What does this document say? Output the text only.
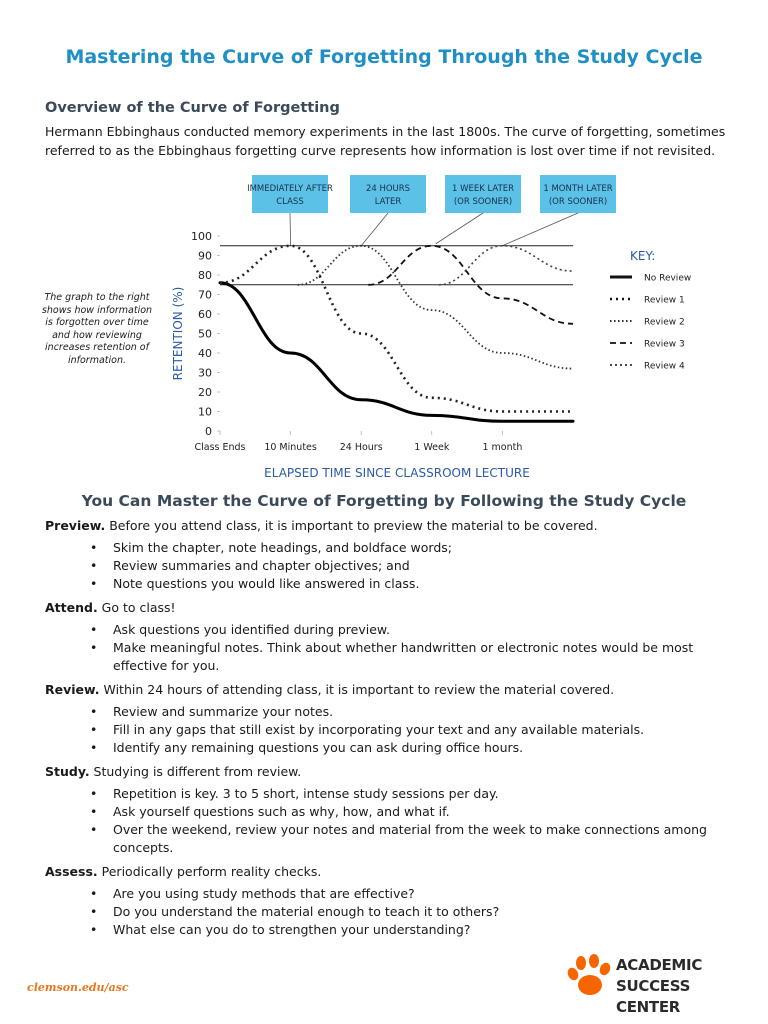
Mastering the Curve of Forgetting Through the Study Cycle
Overview of the Curve of Forgetting
Hermann Ebbinghaus conducted memory experiments in the last 1800s. The curve of forgetting, sometimes referred to as the Ebbinghaus forgetting curve represents how information is lost over time if not revisited.
The graph to the right shows how information is forgotten over time and how reviewing increases retention of information.
IMMEDIATELY AFTER
CLASS
24 HOURS
LATER
1 WEEK LATER
(OR SOONER)
1 MONTH LATER
(OR SOONER)
0
10
20
30
40
50
60
70
80
90
100
Class Ends 10 Minutes 24 Hours	1 Week	1 month
ELAPSED TIME SINCE CLASSROOM LECTURE
RETENTION (%)
KEY:
No Review
Review 1
Review 2
Review 3
Review 4
You Can Master the Curve of Forgetting by Following the Study Cycle

Preview. Before you attend class, it is important to preview the material to be covered.

• Skim the chapter, note headings, and boldface words;
• Review summaries and chapter objectives; and
• Note questions you would like answered in class.

Attend. Go to class!

• Ask questions you identified during preview.
• Make meaningful notes. Think about whether handwritten or electronic notes would be most effective for you.

Review. Within 24 hours of attending class, it is important to review the material covered.

• Review and summarize your notes.
• Fill in any gaps that still exist by incorporating your text and any available materials.
• Identify any remaining questions you can ask during office hours.

Study. Studying is different from review.

• Repetition is key. 3 to 5 short, intense study sessions per day.
• Ask yourself questions such as why, how, and what if.
• Over the weekend, review your notes and material from the week to make connections among concepts.

Assess. Periodically perform reality checks.

• Are you using study methods that are effective?
• Do you understand the material enough to teach it to others?
• What else can you do to strengthen your understanding?
clemson.edu/asc
ACADEMIC
SUCCESS CENTER
